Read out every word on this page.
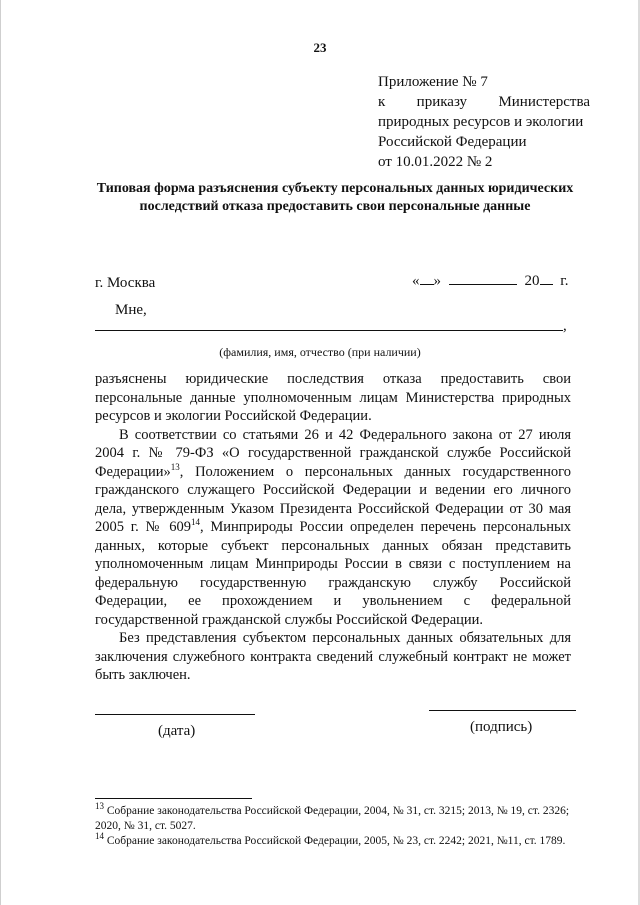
23
Приложение № 7
к приказу Министерства
природных ресурсов и экологии
Российской Федерации
от 10.01.2022 № 2
Типовая форма разъяснения субъекту персональных данных юридических последствий отказа предоставить свои персональные данные
г. Москва	« »	20 г.
Мне,
,
(фамилия, имя, отчество (при наличии)

разъяснены юридические последствия отказа предоставить свои персональные данные уполномоченным лицам Министерства природных ресурсов и экологии Российской Федерации.

В соответствии со статьями 26 и 42 Федерального закона от 27 июля 2004 г. № 79-ФЗ «О государственной гражданской службе Российской Федерации»$^{13}$, Положением о персональных данных государственного гражданского служащего Российской Федерации и ведении его личного дела, утвержденным Указом Президента Российской Федерации от 30 мая 2005 г. № $609^{14}$, Минприроды России определен перечень персональных данных, которые субъект персональных данных обязан представить уполномоченным лицам Минприроды России в связи с поступлением на федеральную государственную гражданскую службу Российской Федерации, ее прохождением и увольнением с федеральной государственной гражданской службы Российской Федерации.

Без представления субъектом персональных данных обязательных для заключения служебного контракта сведений служебный контракт не может быть заключен.

(дата)	(подпись)

$^{13}$ Собрание законодательства Российской Федерации, 2004, № 31, ст. 3215; 2013, № 19, ст. 2326; 2020, № 31, ст. 5027.

$^{14}$ Собрание законодательства Российской Федерации, 2005, № 23, ст. 2242; 2021, №11, ст. 1789.
